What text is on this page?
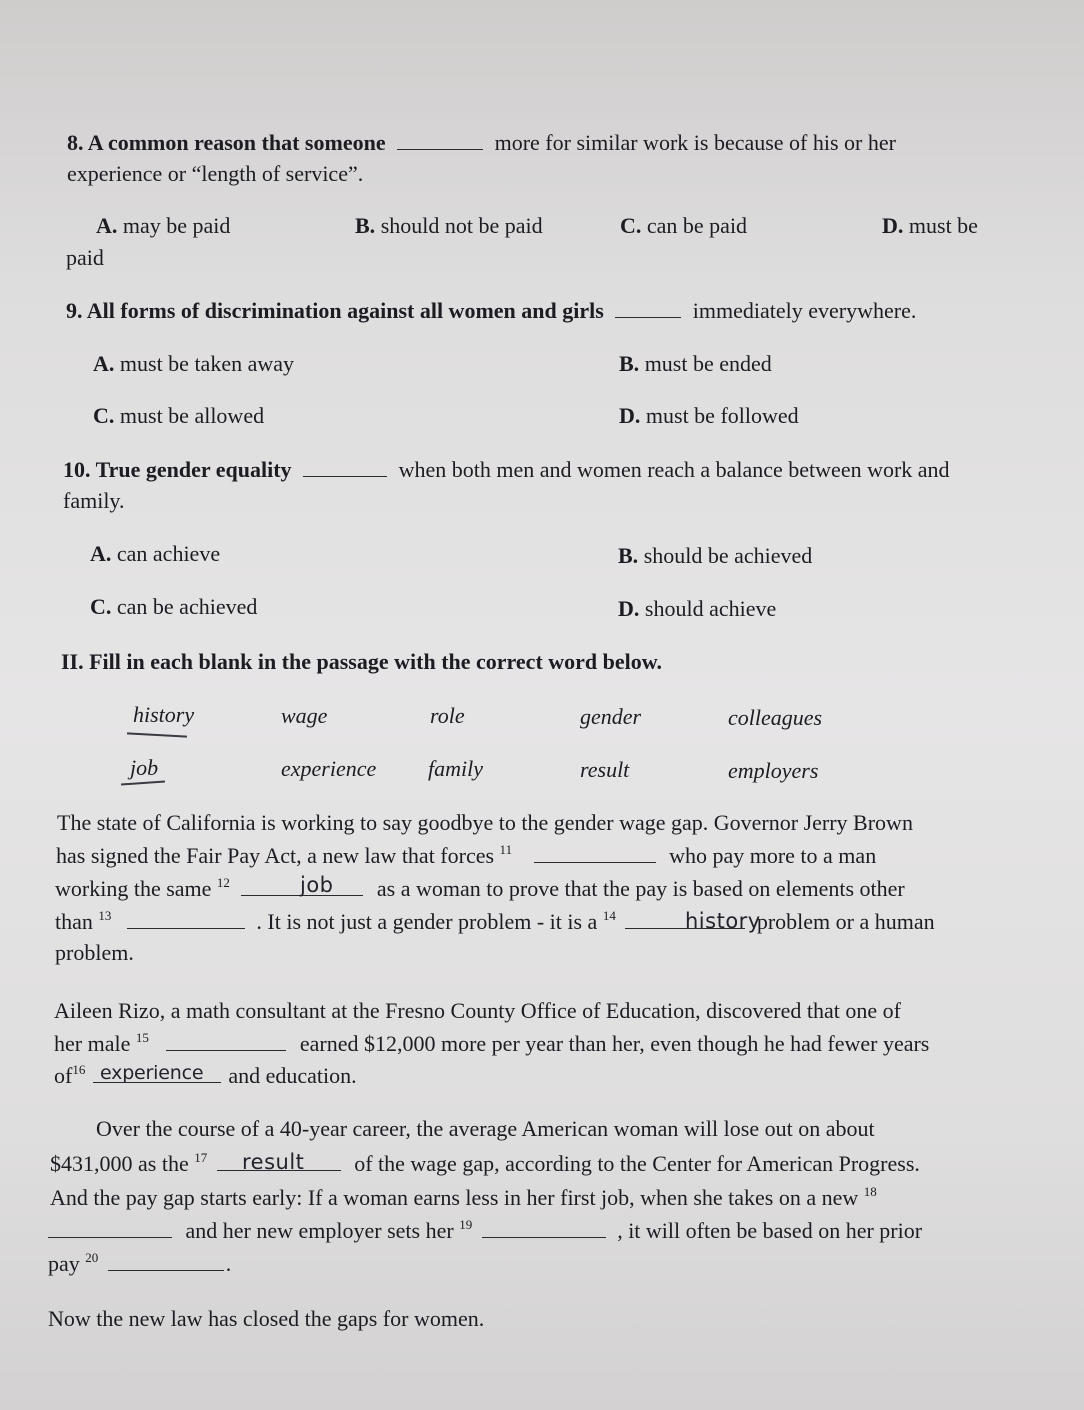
8. A common reason that someone	more for similar work is because of his or her
experience or “length of service”.
A. may be paid	B. should not be paid	C. can be paid	D. must be
paid
9. All forms of discrimination against all women and girls	immediately everywhere.
A. must be taken away	B. must be ended
C. must be allowed	D. must be followed
10. True gender equality	when both men and women reach a balance between work and
family.
A. can achieve	B. should be achieved
C. can be achieved	D. should achieve
II. Fill in each blank in the passage with the correct word below.
history	wage	role	gender	colleagues
job	experience family	result	employers
The state of California is working to say goodbye to the gender wage gap. Governor Jerry Brown
has signed the Fair Pay Act, a new law that forces $^{11}$	who pay more to a man
working the same $^{12}$	as a woman to prove that the pay is based on elements other
job
than $^{13}$	. It is not just a gender problem - it is a $^{14}$	problem or a human
history
problem.
Aileen Rizo, a math consultant at the Fresno County Office of Education, discovered that one of
her male $^{15}$	earned $12,000 more per year than her, even though he had fewer years
$of^{16}$	and education.
experience
Over the course of a 40-year career, the average American woman will lose out on about
$431,000 as the $^{17}$	of the wage gap, according to the Center for American Progress.
result
And the pay gap starts early: If a woman earns less in her first job, when she takes on a new $^{18}$
and her new employer sets her $^{19}$	, it will often be based on her prior
pay $^{20}$	.
Now the new law has closed the gaps for women.
